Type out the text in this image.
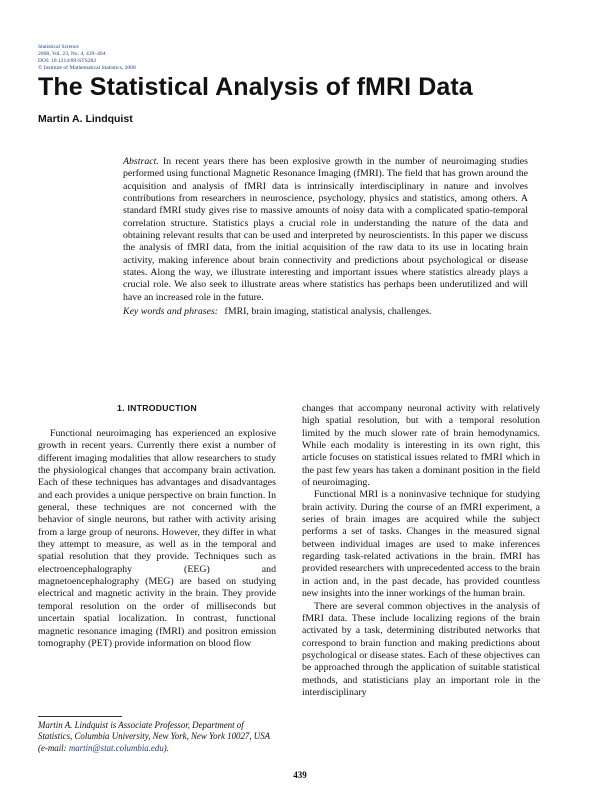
Statistical Science
2008, Vol. 23, No. 4, 439–464
DOI: 10.1214/09-STS282
© Institute of Mathematical Statistics, 2008
The Statistical Analysis of fMRI Data
Martin A. Lindquist

Abstract. In recent years there has been explosive growth in the number of neuroimaging studies performed using functional Magnetic Resonance Imaging (fMRI). The field that has grown around the acquisition and analysis of fMRI data is intrinsically interdisciplinary in nature and involves contributions from researchers in neuroscience, psychology, physics and statistics, among others. A standard fMRI study gives rise to massive amounts of noisy data with a complicated spatio-temporal correlation structure. Statistics plays a crucial role in understanding the nature of the data and obtaining relevant results that can be used and interpreted by neuroscientists. In this paper we discuss the analysis of fMRI data, from the initial acquisition of the raw data to its use in locating brain activity, making inference about brain connectivity and predictions about psychological or disease states. Along the way, we illustrate interesting and important issues where statistics already plays a crucial role. We also seek to illustrate areas where statistics has perhaps been underutilized and will have an increased role in the future.

Key words and phrases: fMRI, brain imaging, statistical analysis, challenges.

1. INTRODUCTION

Functional neuroimaging has experienced an explosive growth in recent years. Currently there exist a number of different imaging modalities that allow researchers to study the physiological changes that accompany brain activation. Each of these techniques has advantages and disadvantages and each provides a unique perspective on brain function. In general, these techniques are not concerned with the behavior of single neurons, but rather with activity arising from a large group of neurons. However, they differ in what they attempt to measure, as well as in the temporal and spatial resolution that they provide. Techniques such as electroencephalography (EEG) and magnetoencephalography (MEG) are based on studying electrical and magnetic activity in the brain. They provide temporal resolution on the order of milliseconds but uncertain spatial localization. In contrast, functional magnetic resonance imaging (fMRI) and positron emission tomography (PET) provide information on blood flow

changes that accompany neuronal activity with relatively high spatial resolution, but with a temporal resolution limited by the much slower rate of brain hemodynamics. While each modality is interesting in its own right, this article focuses on statistical issues related to fMRI which in the past few years has taken a dominant position in the field of neuroimaging.

Functional MRI is a noninvasive technique for studying brain activity. During the course of an fMRI experiment, a series of brain images are acquired while the subject performs a set of tasks. Changes in the measured signal between individual images are used to make inferences regarding task-related activations in the brain. fMRI has provided researchers with unprecedented access to the brain in action and, in the past decade, has provided countless new insights into the inner workings of the human brain.

There are several common objectives in the analysis of fMRI data. These include localizing regions of the brain activated by a task, determining distributed networks that correspond to brain function and making predictions about psychological or disease states. Each of these objectives can be approached through the application of suitable statistical methods, and statisticians play an important role in the interdisciplinary

Martin A. Lindquist is Associate Professor, Department of Statistics, Columbia University, New York, New York 10027, USA (e-mail: martin@stat.columbia.edu).
439
